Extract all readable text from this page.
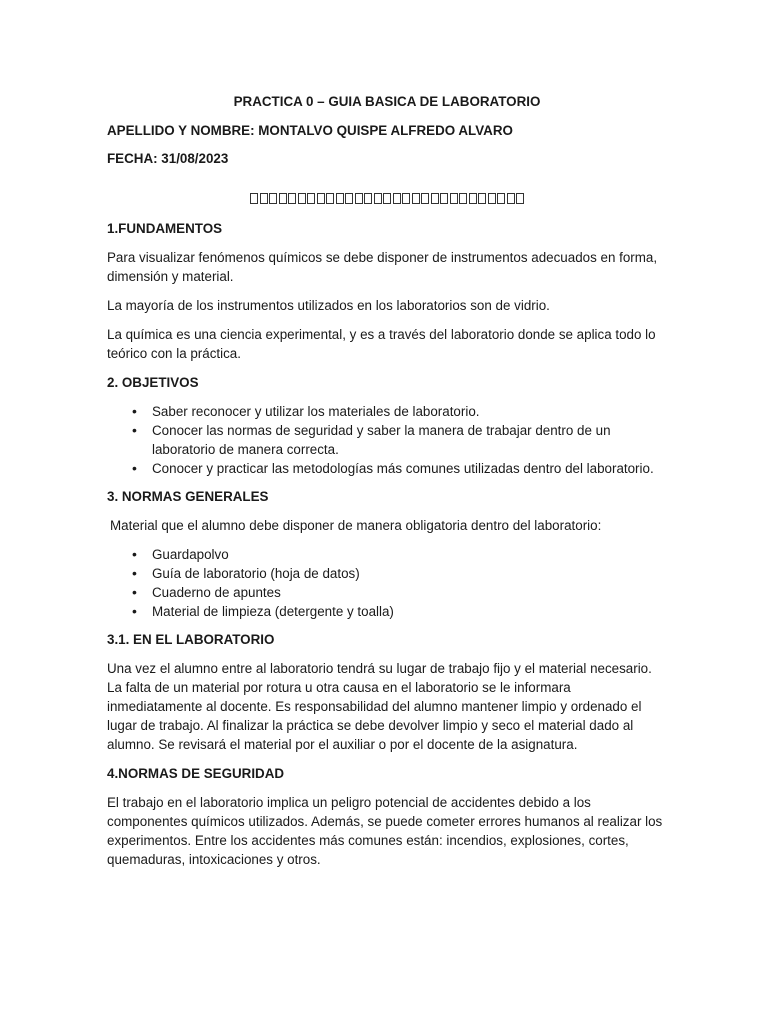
PRACTICA 0 – GUIA BASICA DE LABORATORIO
APELLIDO Y NOMBRE: MONTALVO QUISPE ALFREDO ALVARO
FECHA: 31/08/2023
1.FUNDAMENTOS

Para visualizar fenómenos químicos se debe disponer de instrumentos adecuados en forma, dimensión y material.

La mayoría de los instrumentos utilizados en los laboratorios son de vidrio.

La química es una ciencia experimental, y es a través del laboratorio donde se aplica todo lo teórico con la práctica.

2. OBJETIVOS
• Saber reconocer y utilizar los materiales de laboratorio.
• Conocer las normas de seguridad y saber la manera de trabajar dentro de un laboratorio de manera correcta.
• Conocer y practicar las metodologías más comunes utilizadas dentro del laboratorio.
3. NORMAS GENERALES

Material que el alumno debe disponer de manera obligatoria dentro del laboratorio:

• Guardapolvo
• Guía de laboratorio (hoja de datos)
• Cuaderno de apuntes
• Material de limpieza (detergente y toalla)
3.1. EN EL LABORATORIO

Una vez el alumno entre al laboratorio tendrá su lugar de trabajo fijo y el material necesario. La falta de un material por rotura u otra causa en el laboratorio se le informara inmediatamente al docente. Es responsabilidad del alumno mantener limpio y ordenado el lugar de trabajo. Al finalizar la práctica se debe devolver limpio y seco el material dado al alumno. Se revisará el material por el auxiliar o por el docente de la asignatura.

4.NORMAS DE SEGURIDAD

El trabajo en el laboratorio implica un peligro potencial de accidentes debido a los componentes químicos utilizados. Además, se puede cometer errores humanos al realizar los experimentos. Entre los accidentes más comunes están: incendios, explosiones, cortes, quemaduras, intoxicaciones y otros.
